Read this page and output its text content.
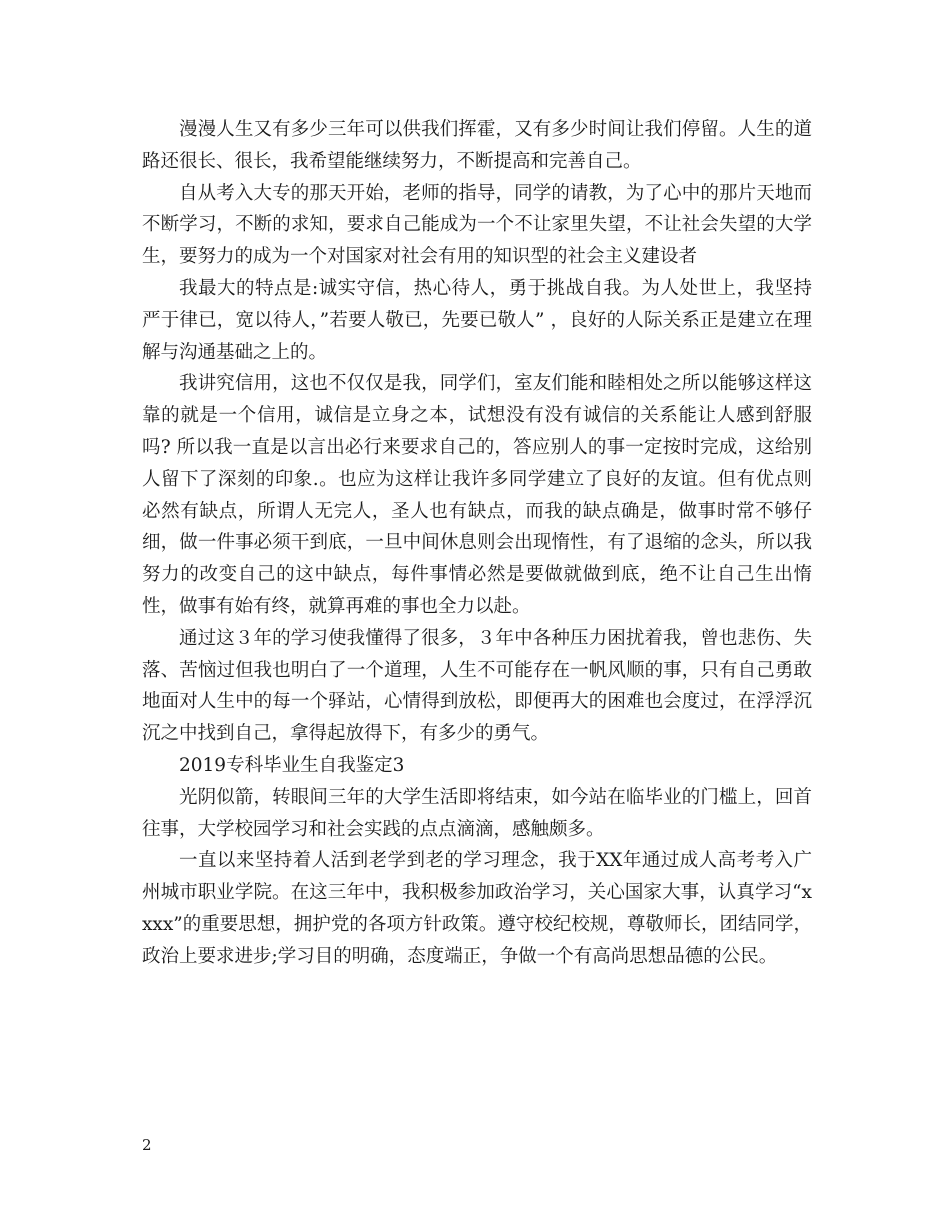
漫漫人生又有多少三年可以供我们挥霍，又有多少时间让我们停留。人生的道路还很长、很长，我希望能继续努力，不断提高和完善自己。

自从考入大专的那天开始，老师的指导，同学的请教，为了心中的那片天地而不断学习，不断的求知，要求自己能成为一个不让家里失望，不让社会失望的大学生，要努力的成为一个对国家对社会有用的知识型的社会主义建设者

我最大的特点是:诚实守信，热心待人，勇于挑战自我。为人处世上，我坚持严于律已，宽以待人，”若要人敬已，先要已敬人” ，良好的人际关系正是建立在理解与沟通基础之上的。

我讲究信用，这也不仅仅是我，同学们，室友们能和睦相处之所以能够这样这靠的就是一个信用，诚信是立身之本，试想没有没有诚信的关系能让人感到舒服吗? 所以我一直是以言出必行来要求自己的，答应别人的事一定按时完成，这给别人留下了深刻的印象.。也应为这样让我许多同学建立了良好的友谊。但有优点则必然有缺点，所谓人无完人，圣人也有缺点，而我的缺点确是，做事时常不够仔细，做一件事必须干到底，一旦中间休息则会出现惰性，有了退缩的念头，所以我努力的改变自己的这中缺点，每件事情必然是要做就做到底，绝不让自己生出惰性，做事有始有终，就算再难的事也全力以赴。

通过这３年的学习使我懂得了很多，３年中各种压力困扰着我，曾也悲伤、失落、苦恼过但我也明白了一个道理，人生不可能存在一帆风顺的事，只有自己勇敢地面对人生中的每一个驿站，心情得到放松，即便再大的困难也会度过，在浮浮沉沉之中找到自己，拿得起放得下，有多少的勇气。

2019专科毕业生自我鉴定3

光阴似箭，转眼间三年的大学生活即将结束，如今站在临毕业的门槛上，回首往事，大学校园学习和社会实践的点点滴滴，感触颇多。

一直以来坚持着人活到老学到老的学习理念，我于XX年通过成人高考考入广州城市职业学院。在这三年中，我积极参加政治学习，关心国家大事，认真学习“xxxx”的重要思想，拥护党的各项方针政策。遵守校纪校规，尊敬师长，团结同学，政治上要求进步;学习目的明确，态度端正，争做一个有高尚思想品德的公民。

2
